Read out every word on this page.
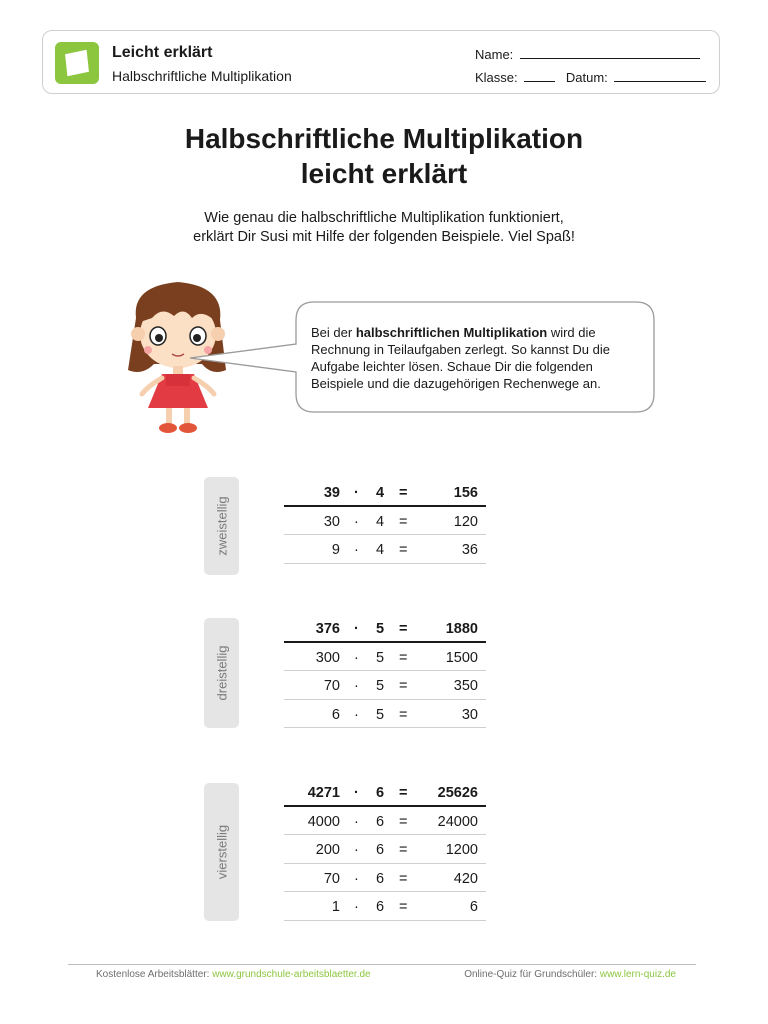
Leicht erklärt
Halbschriftliche Multiplikation
Name:
Klasse:	Datum:
Halbschriftliche Multiplikation
leicht erklärt
Wie genau die halbschriftliche Multiplikation funktioniert,
erklärt Dir Susi mit Hilfe der folgenden Beispiele. Viel Spaß!
Bei der halbschriftlichen Multiplikation wird die Rechnung in Teilaufgaben zerlegt. So kannst Du die Aufgabe leichter lösen. Schaue Dir die folgenden Beispiele und die dazugehörigen Rechenwege an.
zweistellig
39 · 4 =	156
30 · 4 =	120
9 · 4 =	36
dreistellig
376 · 5 =	1880
300 · 5 =	1500
70 · 5 =	350
6 · 5 =	30
vierstellig
4271 · 6 = 25626
4000 · 6 = 24000
200 · 6 =	1200
70 · 6 =	420
1 · 6 =	6
Kostenlose Arbeitsblätter: www.grundschule-arbeitsblaetter.de	Online-Quiz für Grundschüler: www.lern-quiz.de
